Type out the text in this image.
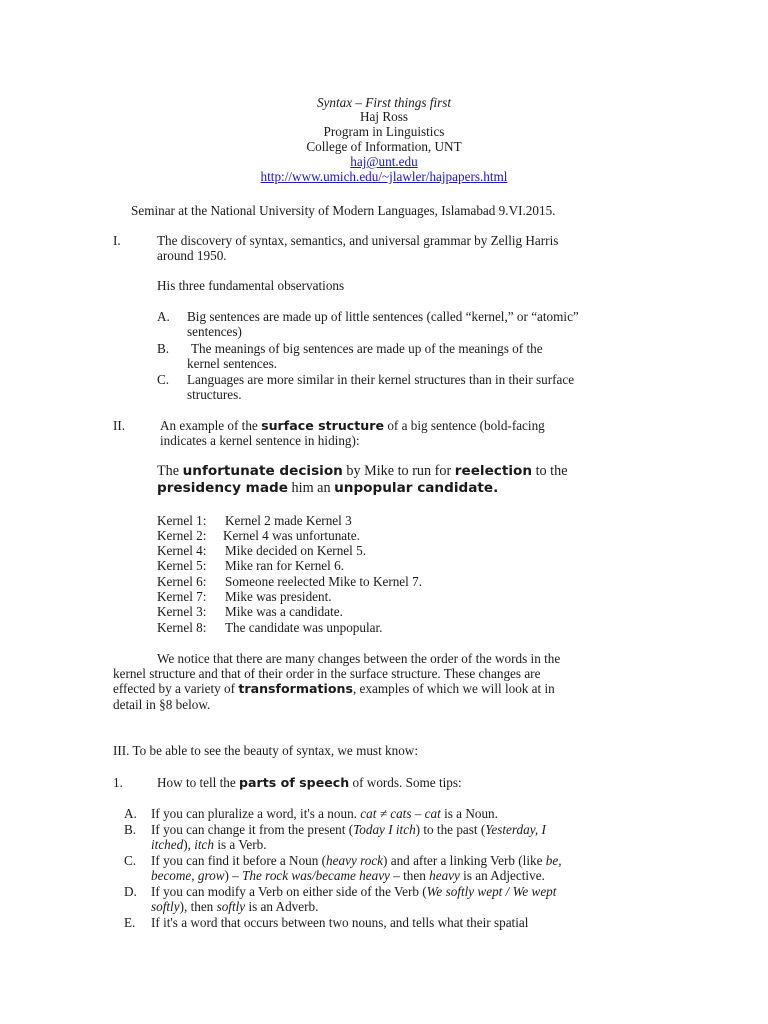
Syntax – First things first
Haj Ross
Program in Linguistics
College of Information, UNT
haj@unt.edu
http://www.umich.edu/~jlawler/hajpapers.html
Seminar at the National University of Modern Languages, Islamabad 9.VI.2015.
I.	The discovery of syntax, semantics, and universal grammar by Zellig Harris
around 1950.
His three fundamental observations
A. Big sentences are made up of little sentences (called “kernel,” or “atomic”
sentences)
B. The meanings of big sentences are made up of the meanings of the
kernel sentences.
C. Languages are more similar in their kernel structures than in their surface
structures.
II.	An example of the surface structure of a big sentence (bold-facing
indicates a kernel sentence in hiding):
The unfortunate decision by Mike to run for reelection to the
presidency made him an unpopular candidate.
Kernel 1: Kernel 2 made Kernel 3
Kernel 2: Kernel 4 was unfortunate.
Kernel 4: Mike decided on Kernel 5.
Kernel 5: Mike ran for Kernel 6.
Kernel 6: Someone reelected Mike to Kernel 7.
Kernel 7: Mike was president.
Kernel 3: Mike was a candidate.
Kernel 8: The candidate was unpopular.
We notice that there are many changes between the order of the words in the
kernel structure and that of their order in the surface structure. These changes are
effected by a variety of transformations, examples of which we will look at in
detail in §8 below.
III. To be able to see the beauty of syntax, we must know:
1.	How to tell the parts of speech of words. Some tips:
A. If you can pluralize a word, it's a noun. cat ≠ cats – cat is a Noun.
B. If you can change it from the present (Today I itch) to the past (Yesterday, I
itched), itch is a Verb.
C. If you can find it before a Noun (heavy rock) and after a linking Verb (like be,
become, grow) – The rock was/became heavy – then heavy is an Adjective.
D. If you can modify a Verb on either side of the Verb (We softly wept / We wept
softly), then softly is an Adverb.
E. If it's a word that occurs between two nouns, and tells what their spatial
